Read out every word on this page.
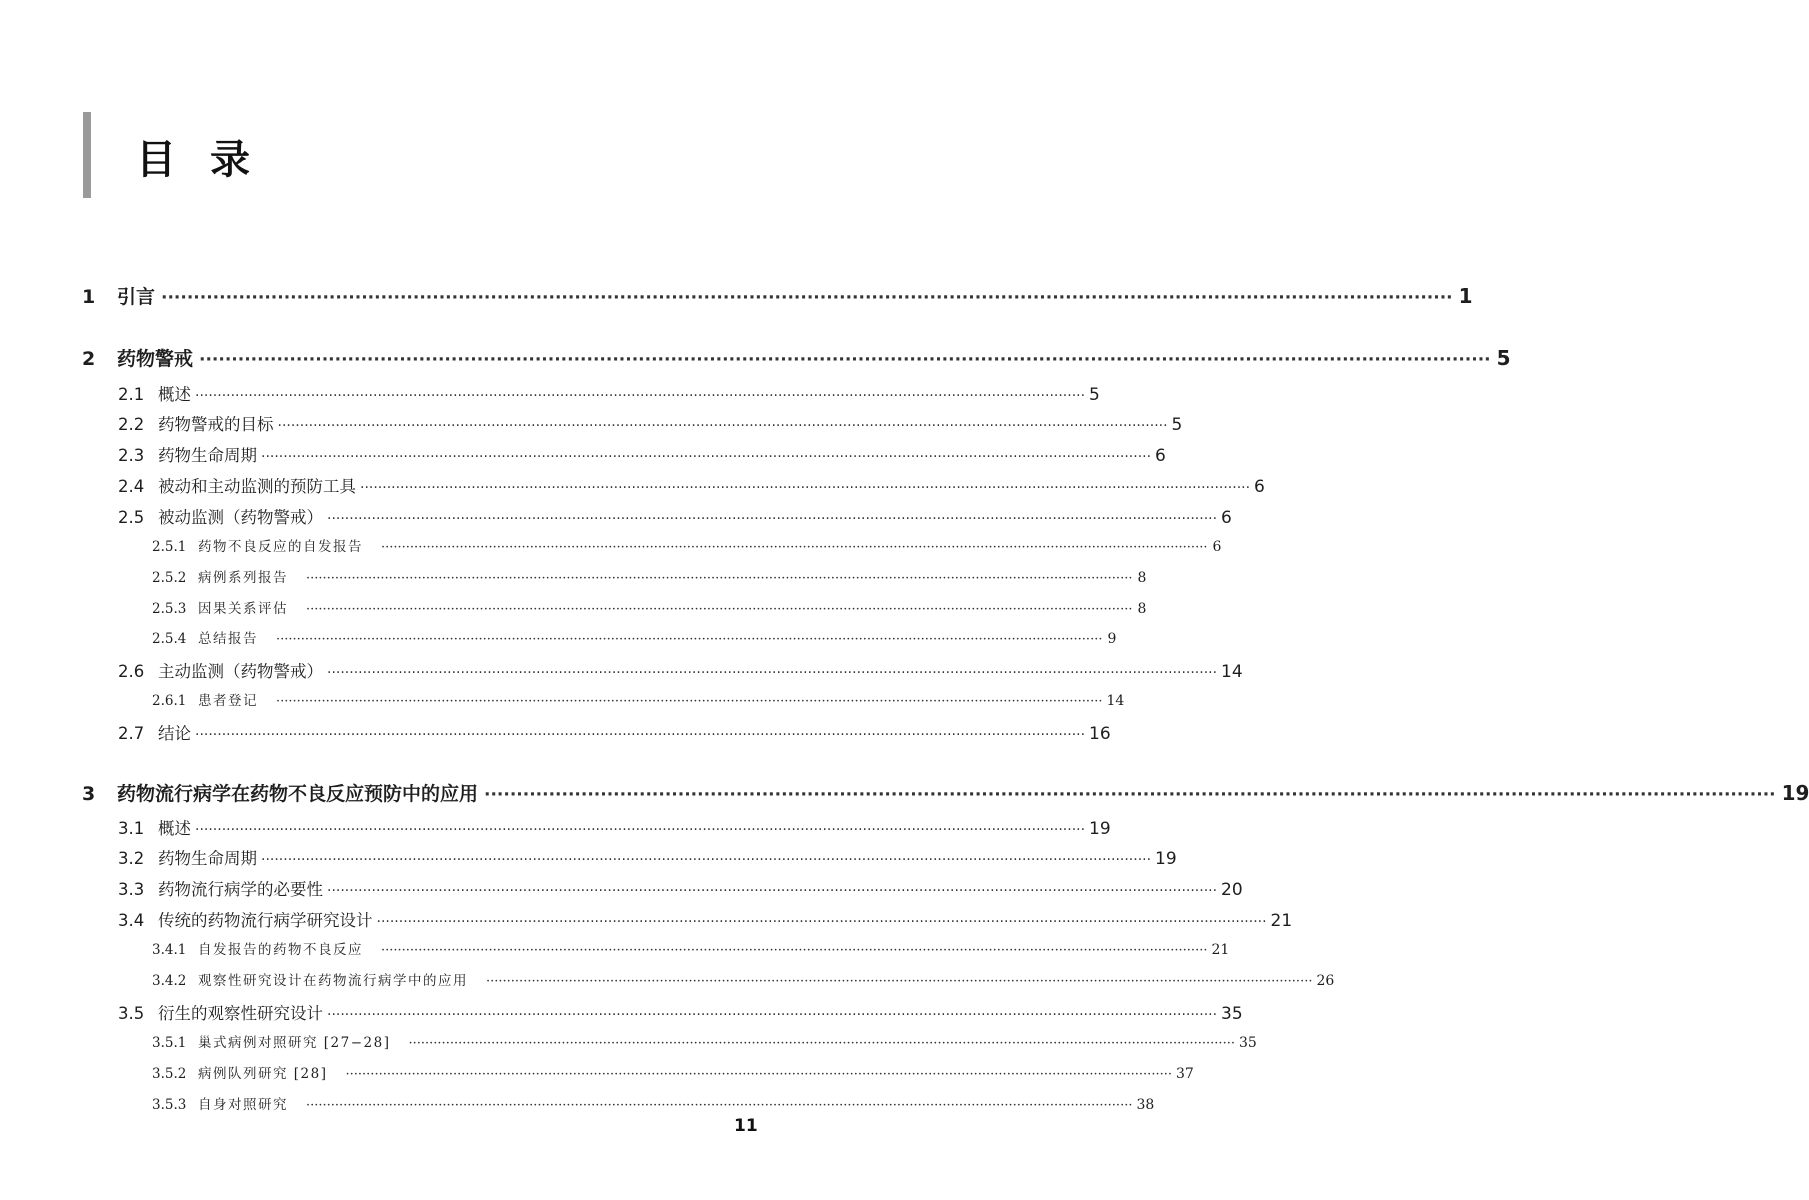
目录
1	引言 ········································································································································································································ 1
2	药物警戒 ········································································································································································································ 5
2.1 概述 ········································································································································································································ 5
2.2 药物警戒的目标 ········································································································································································································ 5
2.3 药物生命周期 ········································································································································································································ 6
2.4 被动和主动监测的预防工具 ········································································································································································································ 6
2.5 被动监测（药物警戒） ········································································································································································································ 6
2.5.1 药物不良反应的自发报告 ········································································································································································································ 6
2.5.2 病例系列报告 ········································································································································································································ 8
2.5.3 因果关系评估 ········································································································································································································ 8
2.5.4 总结报告 ········································································································································································································ 9
2.6 主动监测（药物警戒） ········································································································································································································ 14
2.6.1 患者登记 ········································································································································································································ 14
2.7 结论 ········································································································································································································ 16
3	药物流行病学在药物不良反应预防中的应用 ········································································································································································································ 19
3.1 概述 ········································································································································································································ 19
3.2 药物生命周期 ········································································································································································································ 19
3.3 药物流行病学的必要性 ········································································································································································································ 20
3.4 传统的药物流行病学研究设计 ········································································································································································································ 21
3.4.1 自发报告的药物不良反应 ········································································································································································································ 21
3.4.2 观察性研究设计在药物流行病学中的应用 ········································································································································································································ 26
3.5 衍生的观察性研究设计 ········································································································································································································ 35
3.5.1 巢式病例对照研究 [27−28] ········································································································································································································ 35
3.5.2 病例队列研究 [28] ········································································································································································································ 37
3.5.3 自身对照研究 ········································································································································································································ 38
11
